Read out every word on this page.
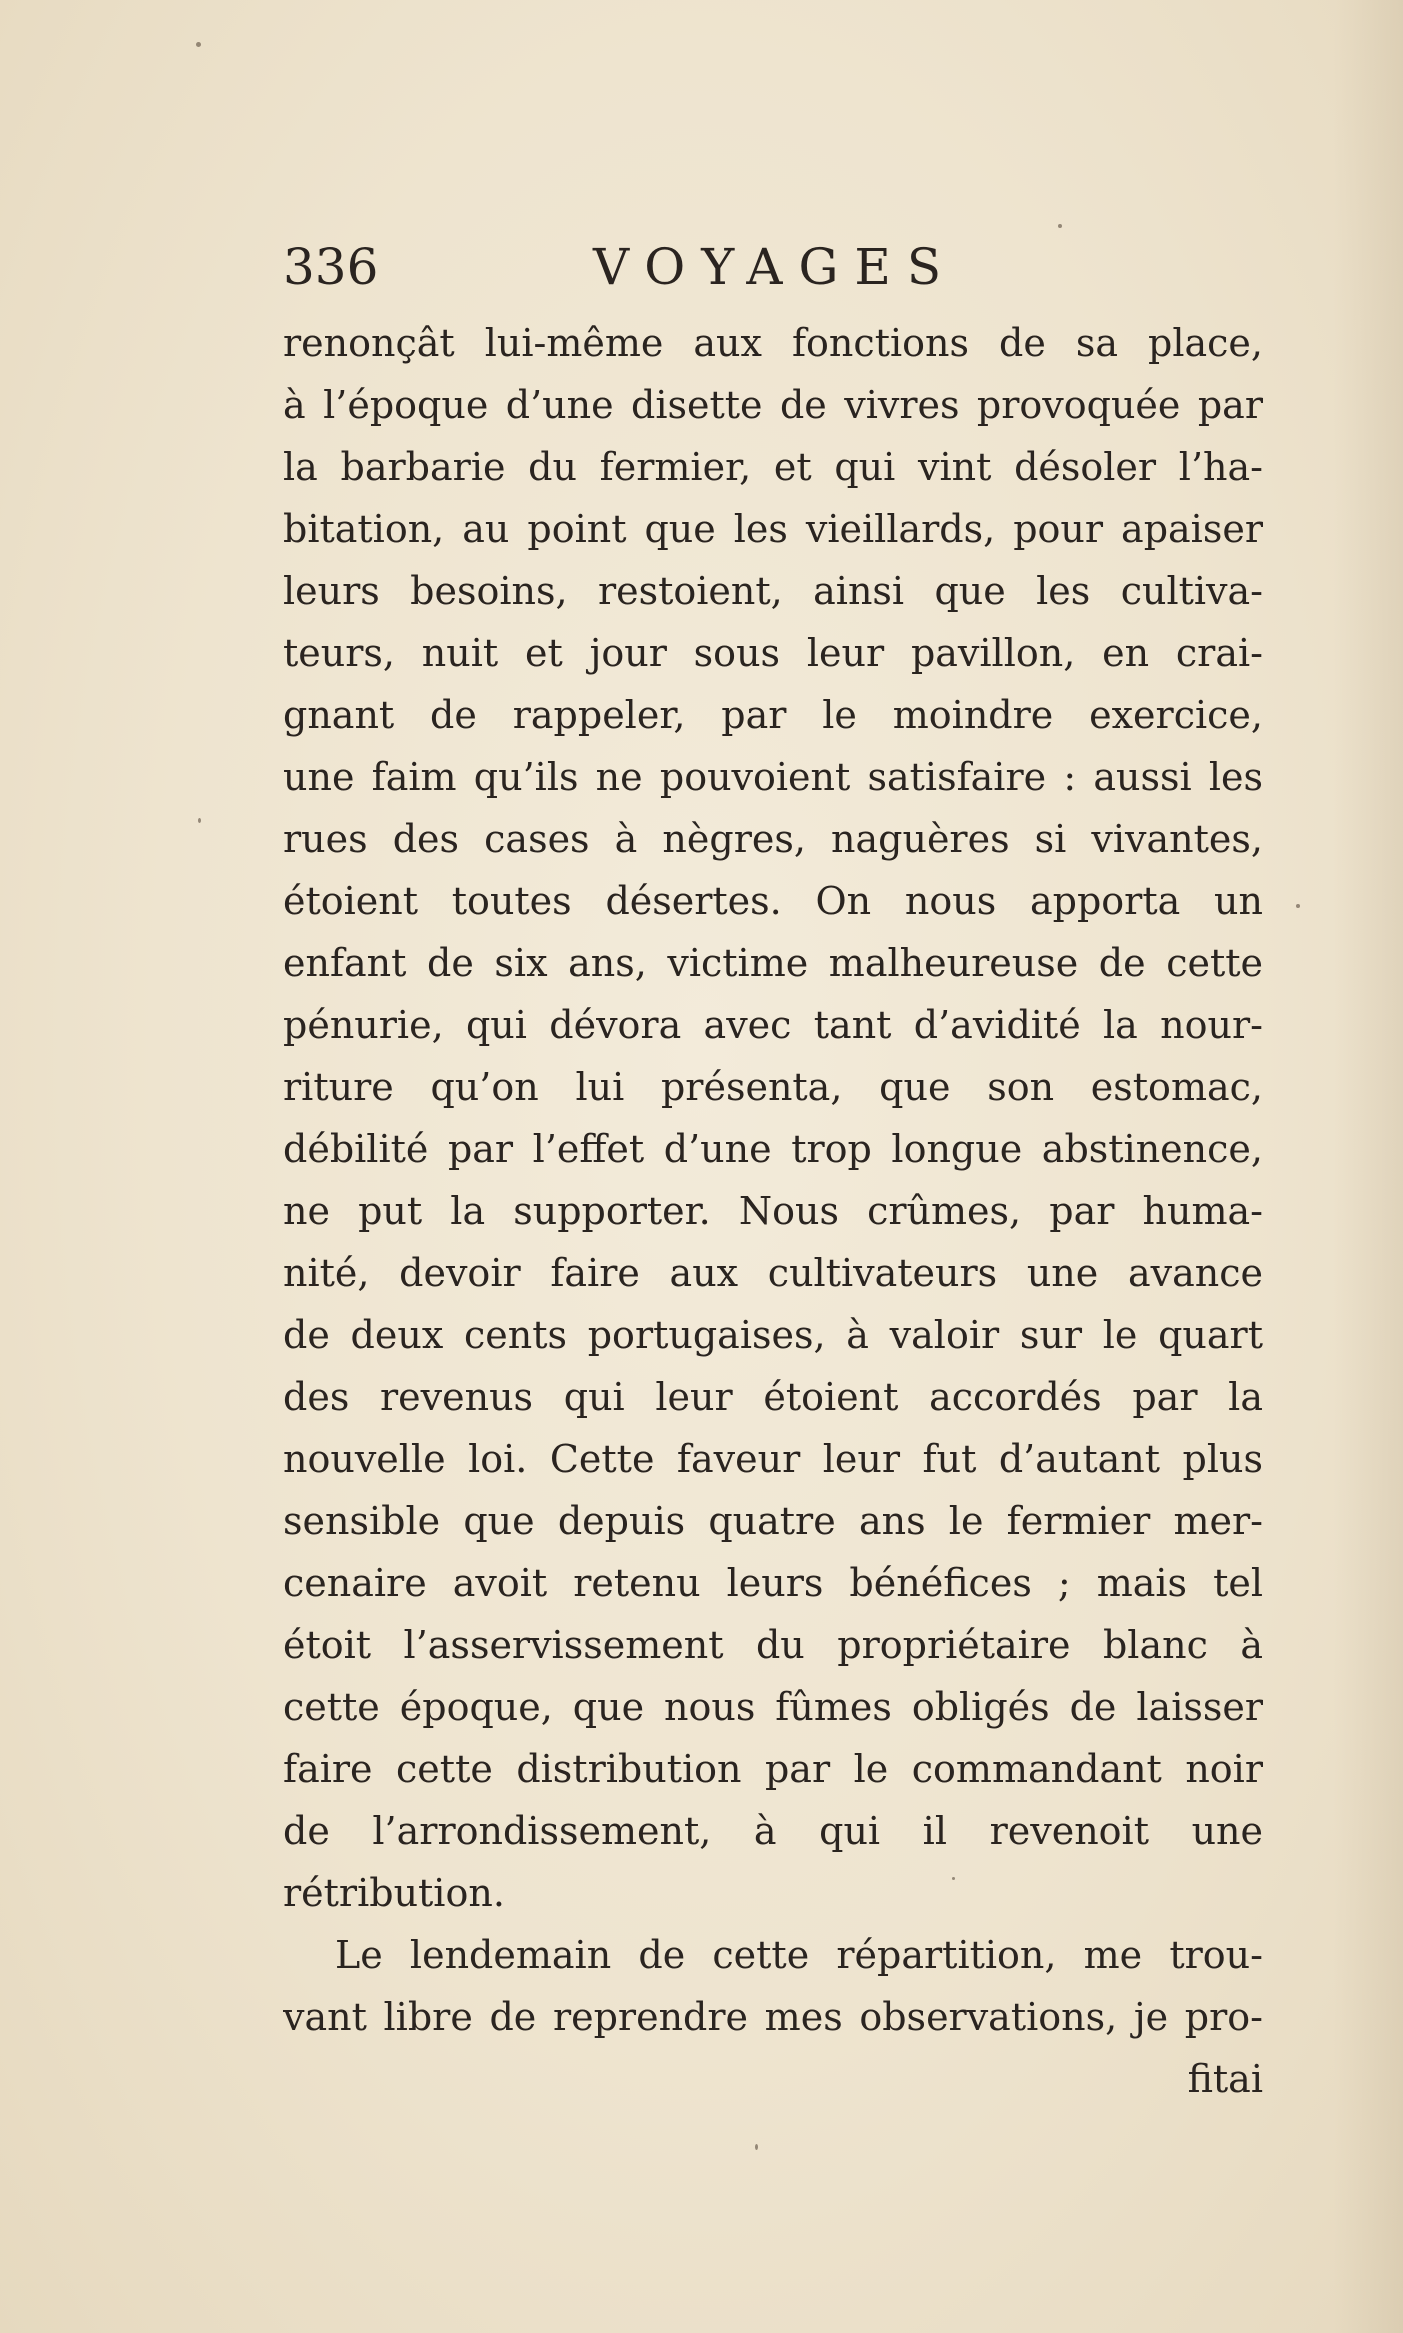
336	VOYAGES
renonçât lui-même aux fonctions de sa place,
à l’époque d’une disette de vivres provoquée par
la barbarie du fermier, et qui vint désoler l’ha-
bitation, au point que les vieillards, pour apaiser
leurs besoins, restoient, ainsi que les cultiva-
teurs, nuit et jour sous leur pavillon, en crai-
gnant de rappeler, par le moindre exercice,
une faim qu’ils ne pouvoient satisfaire : aussi les
rues des cases à nègres, naguères si vivantes,
étoient toutes désertes. On nous apporta un
enfant de six ans, victime malheureuse de cette
pénurie, qui dévora avec tant d’avidité la nour-
riture qu’on lui présenta, que son estomac,
débilité par l’effet d’une trop longue abstinence,
ne put la supporter. Nous crûmes, par huma-
nité, devoir faire aux cultivateurs une avance
de deux cents portugaises, à valoir sur le quart
des revenus qui leur étoient accordés par la
nouvelle loi. Cette faveur leur fut d’autant plus
sensible que depuis quatre ans le fermier mer-
cenaire avoit retenu leurs bénéfices ; mais tel
étoit l’asservissement du propriétaire blanc à
cette époque, que nous fûmes obligés de laisser
faire cette distribution par le commandant noir
de l’arrondissement, à qui il revenoit une
rétribution.
Le lendemain de cette répartition, me trou-
vant libre de reprendre mes observations, je pro-
fitai
